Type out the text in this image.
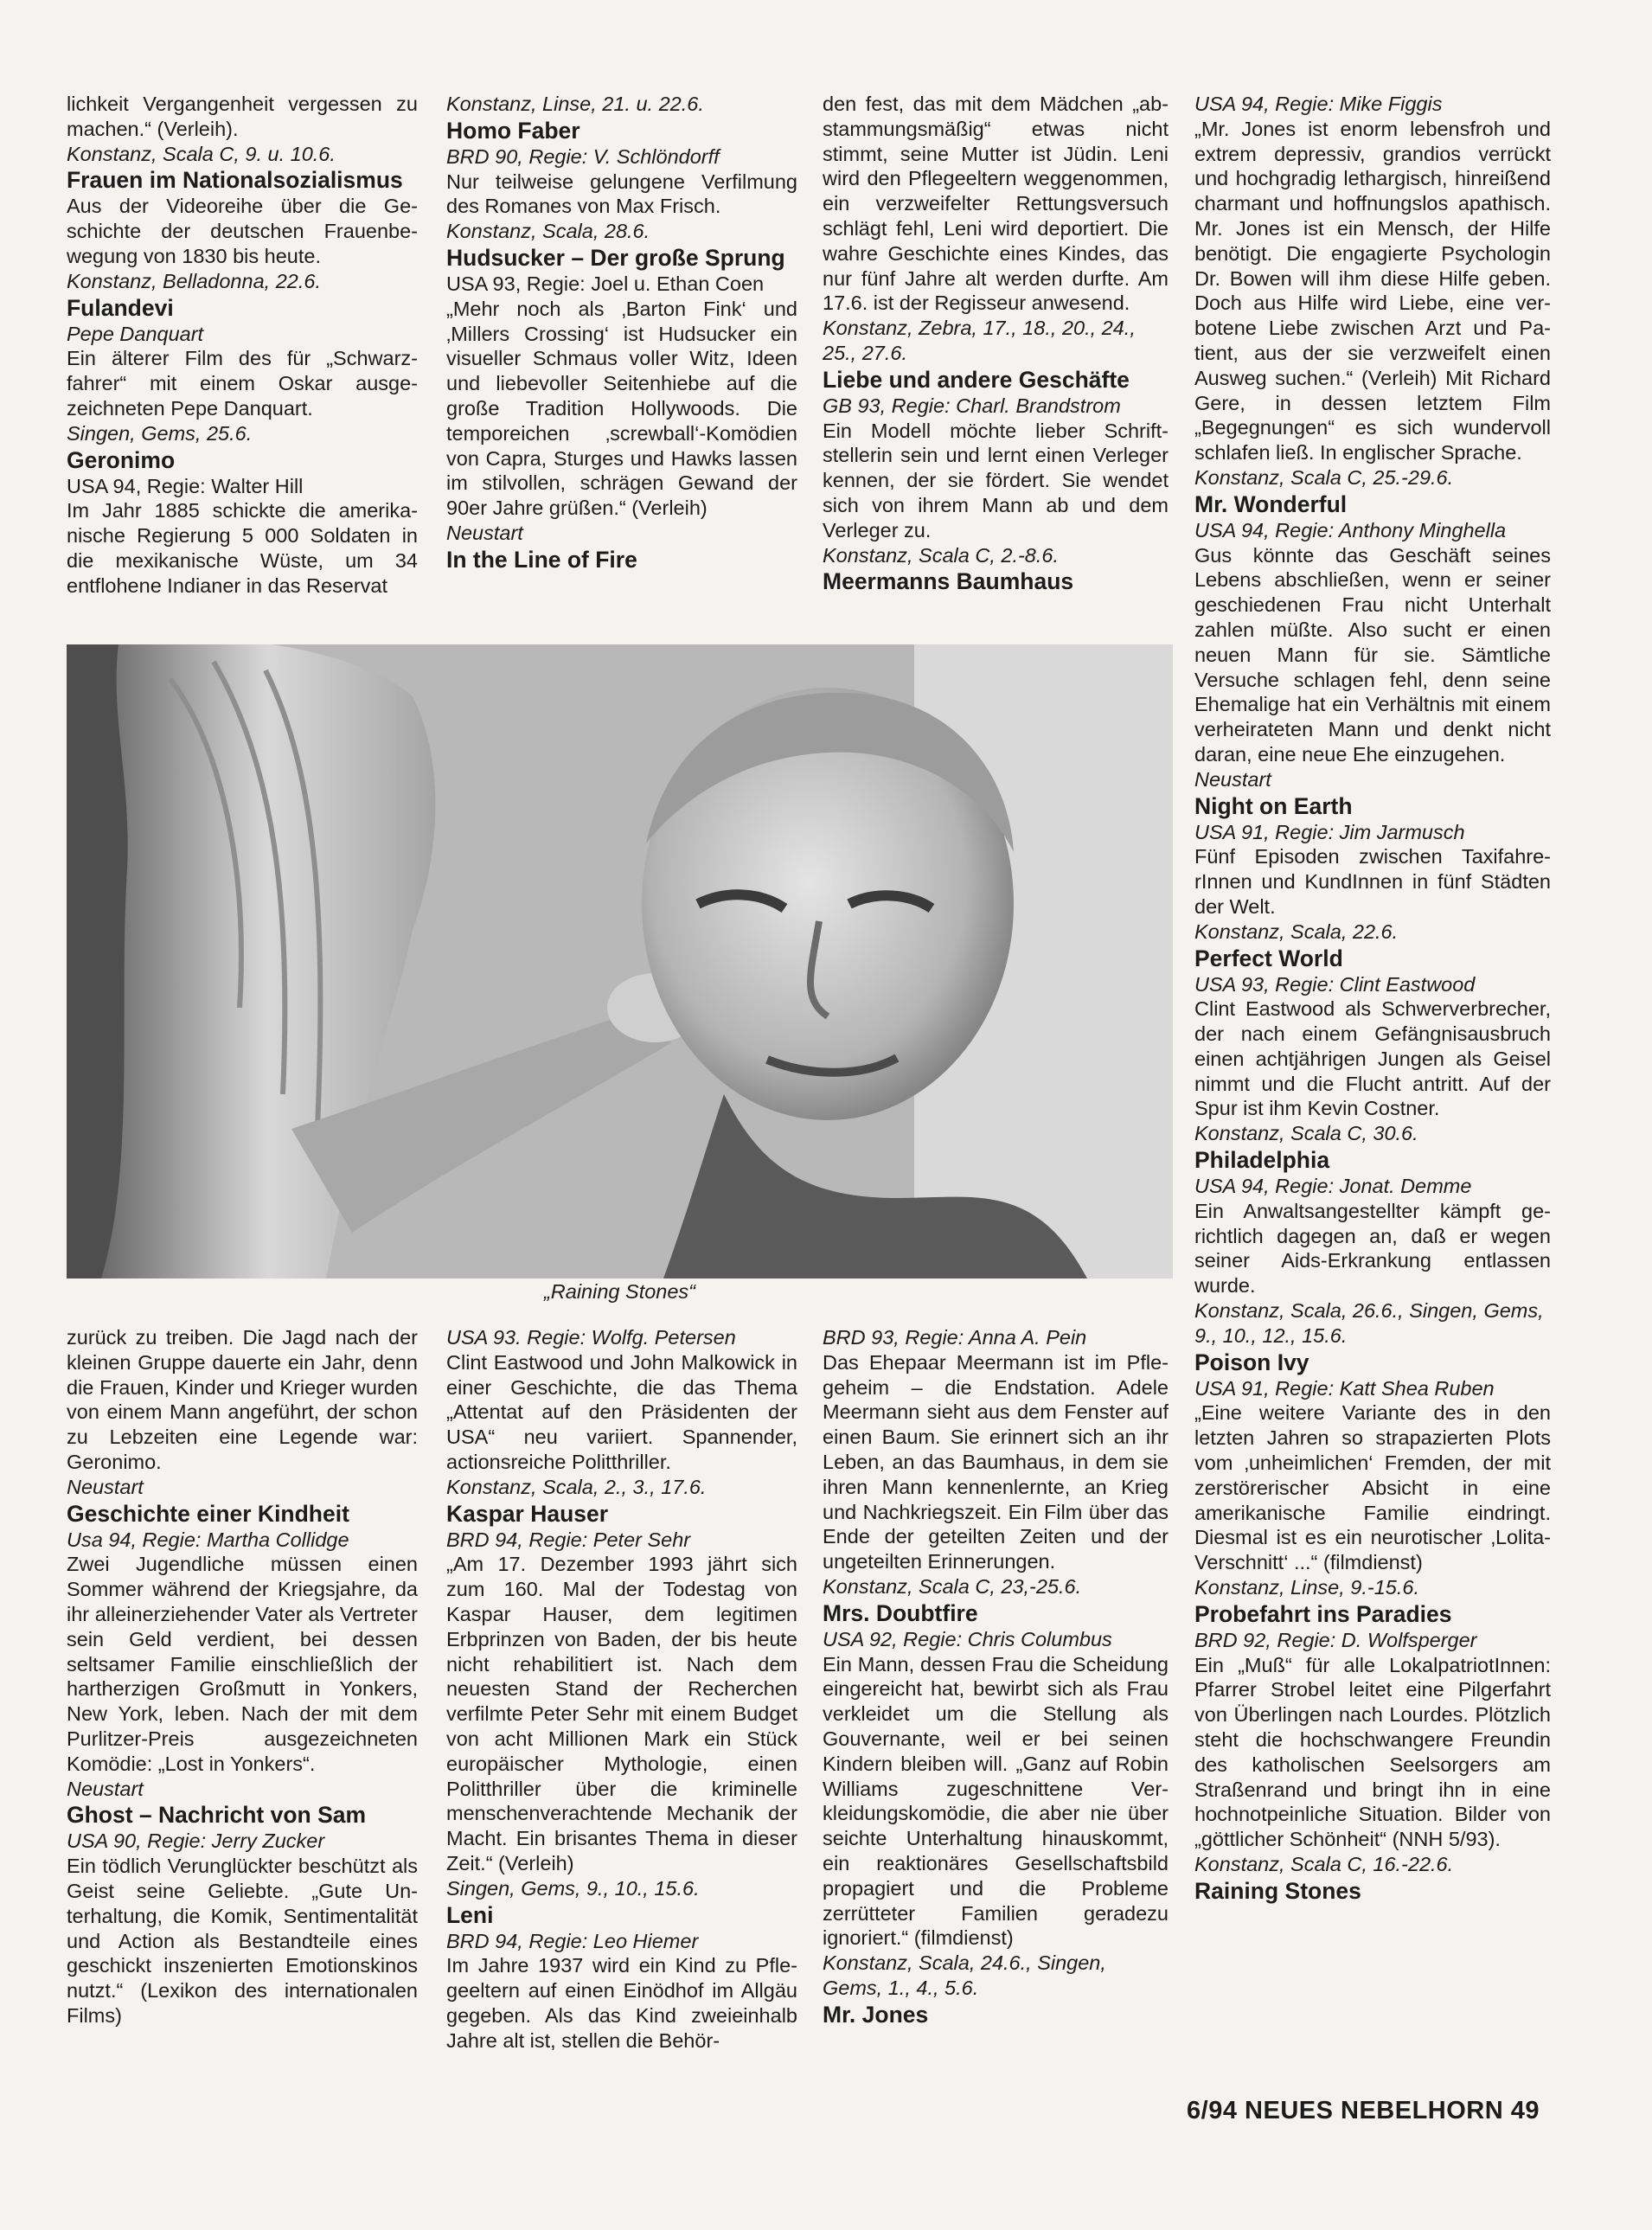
lichkeit Vergangenheit vergessen zu machen.“ (Verleih).

Konstanz, Scala C, 9. u. 10.6.

Frauen im Nationalsozialismus

Aus der Videoreihe über die Geschichte der deutschen Frauenbewegung von 1830 bis heute.

Konstanz, Belladonna, 22.6.

Fulandevi

Pepe Danquart

Ein älterer Film des für „Schwarzfahrer“ mit einem Oskar ausgezeichneten Pepe Danquart.

Singen, Gems, 25.6.

Geronimo

USA 94, Regie: Walter Hill

Im Jahr 1885 schickte die amerikanische Regierung 5 000 Soldaten in die mexikanische Wüste, um 34 entflohene Indianer in das Reservat

Konstanz, Linse, 21. u. 22.6.

Homo Faber

BRD 90, Regie: V. Schlöndorff

Nur teilweise gelungene Verfilmung des Romanes von Max Frisch.

Konstanz, Scala, 28.6.

Hudsucker – Der große Sprung

USA 93, Regie: Joel u. Ethan Coen

„Mehr noch als ‚Barton Fink‘ und ‚Millers Crossing‘ ist Hudsucker ein visueller Schmaus voller Witz, Ideen und liebevoller Seitenhiebe auf die große Tradition Hollywoods. Die temporeichen ‚screwball‘-Komödien von Capra, Sturges und Hawks lassen im stilvollen, schrägen Gewand der 90er Jahre grüßen.“ (Verleih)

Neustart

In the Line of Fire

den fest, das mit dem Mädchen „abstammungsmäßig“ etwas nicht stimmt, seine Mutter ist Jüdin. Leni wird den Pflegeeltern weggenommen, ein verzweifelter Rettungsversuch schlägt fehl, Leni wird deportiert. Die wahre Geschichte eines Kindes, das nur fünf Jahre alt werden durfte. Am 17.6. ist der Regisseur anwesend.

Konstanz, Zebra, 17., 18., 20., 24., 25., 27.6.

Liebe und andere Geschäfte

GB 93, Regie: Charl. Brandstrom

Ein Modell möchte lieber Schriftstellerin sein und lernt einen Verleger kennen, der sie fördert. Sie wendet sich von ihrem Mann ab und dem Verleger zu.

Konstanz, Scala C, 2.-8.6.

Meermanns Baumhaus

USA 94, Regie: Mike Figgis

„Mr. Jones ist enorm lebensfroh und extrem depressiv, grandios verrückt und hochgradig lethargisch, hinreißend charmant und hoffnungslos apathisch. Mr. Jones ist ein Mensch, der Hilfe benötigt. Die engagierte Psychologin Dr. Bowen will ihm diese Hilfe geben. Doch aus Hilfe wird Liebe, eine verbotene Liebe zwischen Arzt und Patient, aus der sie verzweifelt einen Ausweg suchen.“ (Verleih) Mit Richard Gere, in dessen letztem Film „Begegnungen“ es sich wundervoll schlafen ließ. In englischer Sprache.

Konstanz, Scala C, 25.-29.6.

Mr. Wonderful

USA 94, Regie: Anthony Minghella

Gus könnte das Geschäft seines Lebens abschließen, wenn er seiner geschiedenen Frau nicht Unterhalt zahlen müßte. Also sucht er einen neuen Mann für sie. Sämtliche Versuche schlagen fehl, denn seine Ehemalige hat ein Verhältnis mit einem verheirateten Mann und denkt nicht daran, eine neue Ehe einzugehen.

Neustart

Night on Earth

USA 91, Regie: Jim Jarmusch

Fünf Episoden zwischen TaxifahrerInnen und KundInnen in fünf Städten der Welt.

Konstanz, Scala, 22.6.

Perfect World

USA 93, Regie: Clint Eastwood

Clint Eastwood als Schwerverbrecher, der nach einem Gefängnisausbruch einen achtjährigen Jungen als Geisel nimmt und die Flucht antritt. Auf der Spur ist ihm Kevin Costner.

Konstanz, Scala C, 30.6.

Philadelphia

USA 94, Regie: Jonat. Demme

Ein Anwaltsangestellter kämpft gerichtlich dagegen an, daß er wegen seiner Aids-Erkrankung entlassen wurde.

Konstanz, Scala, 26.6., Singen, Gems, 9., 10., 12., 15.6.

Poison Ivy

USA 91, Regie: Katt Shea Ruben

„Eine weitere Variante des in den letzten Jahren so strapazierten Plots vom ‚unheimlichen‘ Fremden, der mit zerstörerischer Absicht in eine amerikanische Familie eindringt. Diesmal ist es ein neurotischer ‚Lolita-Verschnitt‘ ...“ (filmdienst)

Konstanz, Linse, 9.-15.6.

Probefahrt ins Paradies

BRD 92, Regie: D. Wolfsperger

Ein „Muß“ für alle LokalpatriotInnen: Pfarrer Strobel leitet eine Pilgerfahrt von Überlingen nach Lourdes. Plötzlich steht die hochschwangere Freundin des katholischen Seelsorgers am Straßenrand und bringt ihn in eine hochnotpeinliche Situation. Bilder von „göttlicher Schönheit“ (NNH 5/93).

Konstanz, Scala C, 16.-22.6.

Raining Stones

„Raining Stones“

zurück zu treiben. Die Jagd nach der kleinen Gruppe dauerte ein Jahr, denn die Frauen, Kinder und Krieger wurden von einem Mann angeführt, der schon zu Lebzeiten eine Legende war: Geronimo.

Neustart

Geschichte einer Kindheit

Usa 94, Regie: Martha Collidge

Zwei Jugendliche müssen einen Sommer während der Kriegsjahre, da ihr alleinerziehender Vater als Vertreter sein Geld verdient, bei dessen seltsamer Familie einschließlich der hartherzigen Großmutt in Yonkers, New York, leben. Nach der mit dem Purlitzer-Preis ausgezeichneten Komödie: „Lost in Yonkers“.

Neustart

Ghost – Nachricht von Sam

USA 90, Regie: Jerry Zucker

Ein tödlich Verunglückter beschützt als Geist seine Geliebte. „Gute Unterhaltung, die Komik, Sentimentalität und Action als Bestandteile eines geschickt inszenierten Emotionskinos nutzt.“ (Lexikon des internationalen Films)

USA 93. Regie: Wolfg. Petersen

Clint Eastwood und John Malkowick in einer Geschichte, die das Thema „Attentat auf den Präsidenten der USA“ neu variiert. Spannender, actionsreiche Politthriller.

Konstanz, Scala, 2., 3., 17.6.

Kaspar Hauser

BRD 94, Regie: Peter Sehr

„Am 17. Dezember 1993 jährt sich zum 160. Mal der Todestag von Kaspar Hauser, dem legitimen Erbprinzen von Baden, der bis heute nicht rehabilitiert ist. Nach dem neuesten Stand der Recherchen verfilmte Peter Sehr mit einem Budget von acht Millionen Mark ein Stück europäischer Mythologie, einen Politthriller über die kriminelle menschenverachtende Mechanik der Macht. Ein brisantes Thema in dieser Zeit.“ (Verleih)

Singen, Gems, 9., 10., 15.6.

Leni

BRD 94, Regie: Leo Hiemer

Im Jahre 1937 wird ein Kind zu Pflegeeltern auf einen Einödhof im Allgäu gegeben. Als das Kind zweieinhalb Jahre alt ist, stellen die Behör-

BRD 93, Regie: Anna A. Pein

Das Ehepaar Meermann ist im Pflegeheim – die Endstation. Adele Meermann sieht aus dem Fenster auf einen Baum. Sie erinnert sich an ihr Leben, an das Baumhaus, in dem sie ihren Mann kennenlernte, an Krieg und Nachkriegszeit. Ein Film über das Ende der geteilten Zeiten und der ungeteilten Erinnerungen.

Konstanz, Scala C, 23,-25.6.

Mrs. Doubtfire

USA 92, Regie: Chris Columbus

Ein Mann, dessen Frau die Scheidung eingereicht hat, bewirbt sich als Frau verkleidet um die Stellung als Gouvernante, weil er bei seinen Kindern bleiben will. „Ganz auf Robin Williams zugeschnittene Verkleidungskomödie, die aber nie über seichte Unterhaltung hinauskommt, ein reaktionäres Gesellschaftsbild propagiert und die Probleme zerrütteter Familien geradezu ignoriert.“ (filmdienst)

Konstanz, Scala, 24.6., Singen, Gems, 1., 4., 5.6.

Mr. Jones

6/94 NEUES NEBELHORN 49
